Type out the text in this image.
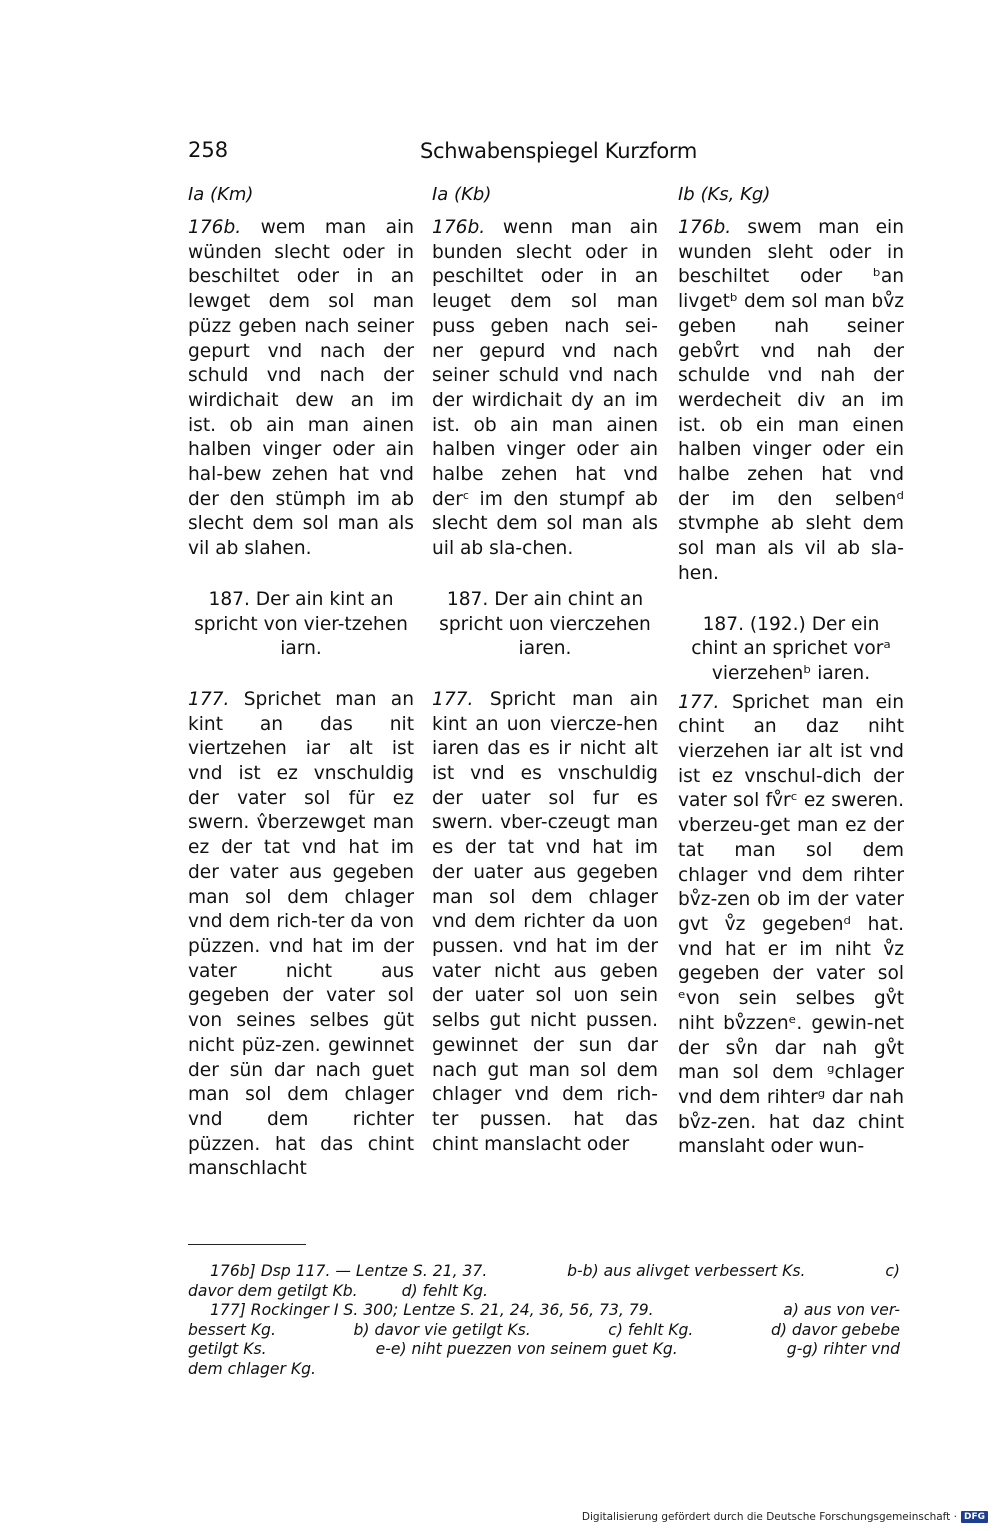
258	Schwabenspiegel Kurzform
Ia (Km)
176b. wem man ain wünden slecht oder in beschiltet oder in an lewget dem sol man püzz geben nach seiner gepurt vnd nach der schuld vnd nach der wirdichait dew an im ist. ob ain man ainen halben vinger oder ain hal-bew zehen hat vnd der den stümph im ab slecht dem sol man als vil ab slahen.
187. Der ain kint an spricht von vier-tzehen iarn.
177. Sprichet man an kint an das nit viertzehen iar alt ist vnd ist ez vnschuldig der vater sol für ez swern. v̂berzewget man ez der tat vnd hat im der vater aus gegeben man sol dem chlager vnd dem rich-ter da von püzzen. vnd hat im der vater nicht aus gegeben der vater sol von seines selbes güt nicht püz-zen. gewinnet der sün dar nach guet man sol dem chlager vnd dem richter püzzen. hat das chint manschlacht
Ia (Kb)
176b. wenn man ain bunden slecht oder in peschiltet oder in an leuget dem sol man puss geben nach sei-ner gepurd vnd nach seiner schuld vnd nach der wirdichait dy an im ist. ob ain man ainen halben vinger oder ain halbe zehen hat vnd der$^c$ im den stumpf ab slecht dem sol man als uil ab sla-chen.
187. Der ain chint an spricht uon vierczehen iaren.
177. Spricht man ain kint an uon viercze-hen iaren das es ir nicht alt ist vnd es vnschuldig der uater sol fur es swern. vber-czeugt man es der tat vnd hat im der uater aus gegeben man sol dem chlager vnd dem richter da uon pussen. vnd hat im der vater nicht aus geben der uater sol uon sein selbs gut nicht pussen. gewinnet der sun dar nach gut man sol dem chlager vnd dem rich-ter pussen. hat das chint manslacht oder
Ib (Ks, Kg)
176b. swem man ein wunden sleht oder in beschiltet oder ᵇan livgetᵇ dem sol man bv̊z geben nah seiner gebv̊rt vnd nah der schulde vnd nah der werdecheit div an im ist. ob ein man einen halben vinger oder ein halbe zehen hat vnd der im den selbenᵈ stvmphe ab sleht dem sol man als vil ab sla-hen.
187. (192.) Der ein chint an sprichet vorᵃ vierzehenᵇ iaren.
177. Sprichet man ein chint an daz niht vierzehen iar alt ist vnd ist ez vnschul-dich der vater sol fv̊rᶜ ez sweren. vberzeu-get man ez der tat man sol dem chlager vnd dem rihter bv̊z-zen ob im der vater gvt v̊z gegebenᵈ hat. vnd hat er im niht v̊z gegeben der vater sol ᵉvon sein selbes gv̊t niht bv̊zzenᵉ. gewin-net der sv̊n dar nah gv̊t man sol dem ᵍchlager vnd dem rihterᵍ dar nah bv̊z-zen. hat daz chint manslaht oder wun-
176b] Dsp 117. — Lentze S. 21, 37.	b-b) aus alivget verbessert Ks.	c)
davor dem getilgt Kb.	d) fehlt Kg.
177] Rockinger I S. 300; Lentze S. 21, 24, 36, 56, 73, 79.	a) aus von ver-
bessert Kg.	b) davor vie getilgt Ks.	c) fehlt Kg.	d) davor gebebe
getilgt Ks.	e-e) niht puezzen von seinem guet Kg.	g-g) rihter vnd
dem chlager Kg.
Digitalisierung gefördert durch die Deutsche Forschungsgemeinschaft · DFG
